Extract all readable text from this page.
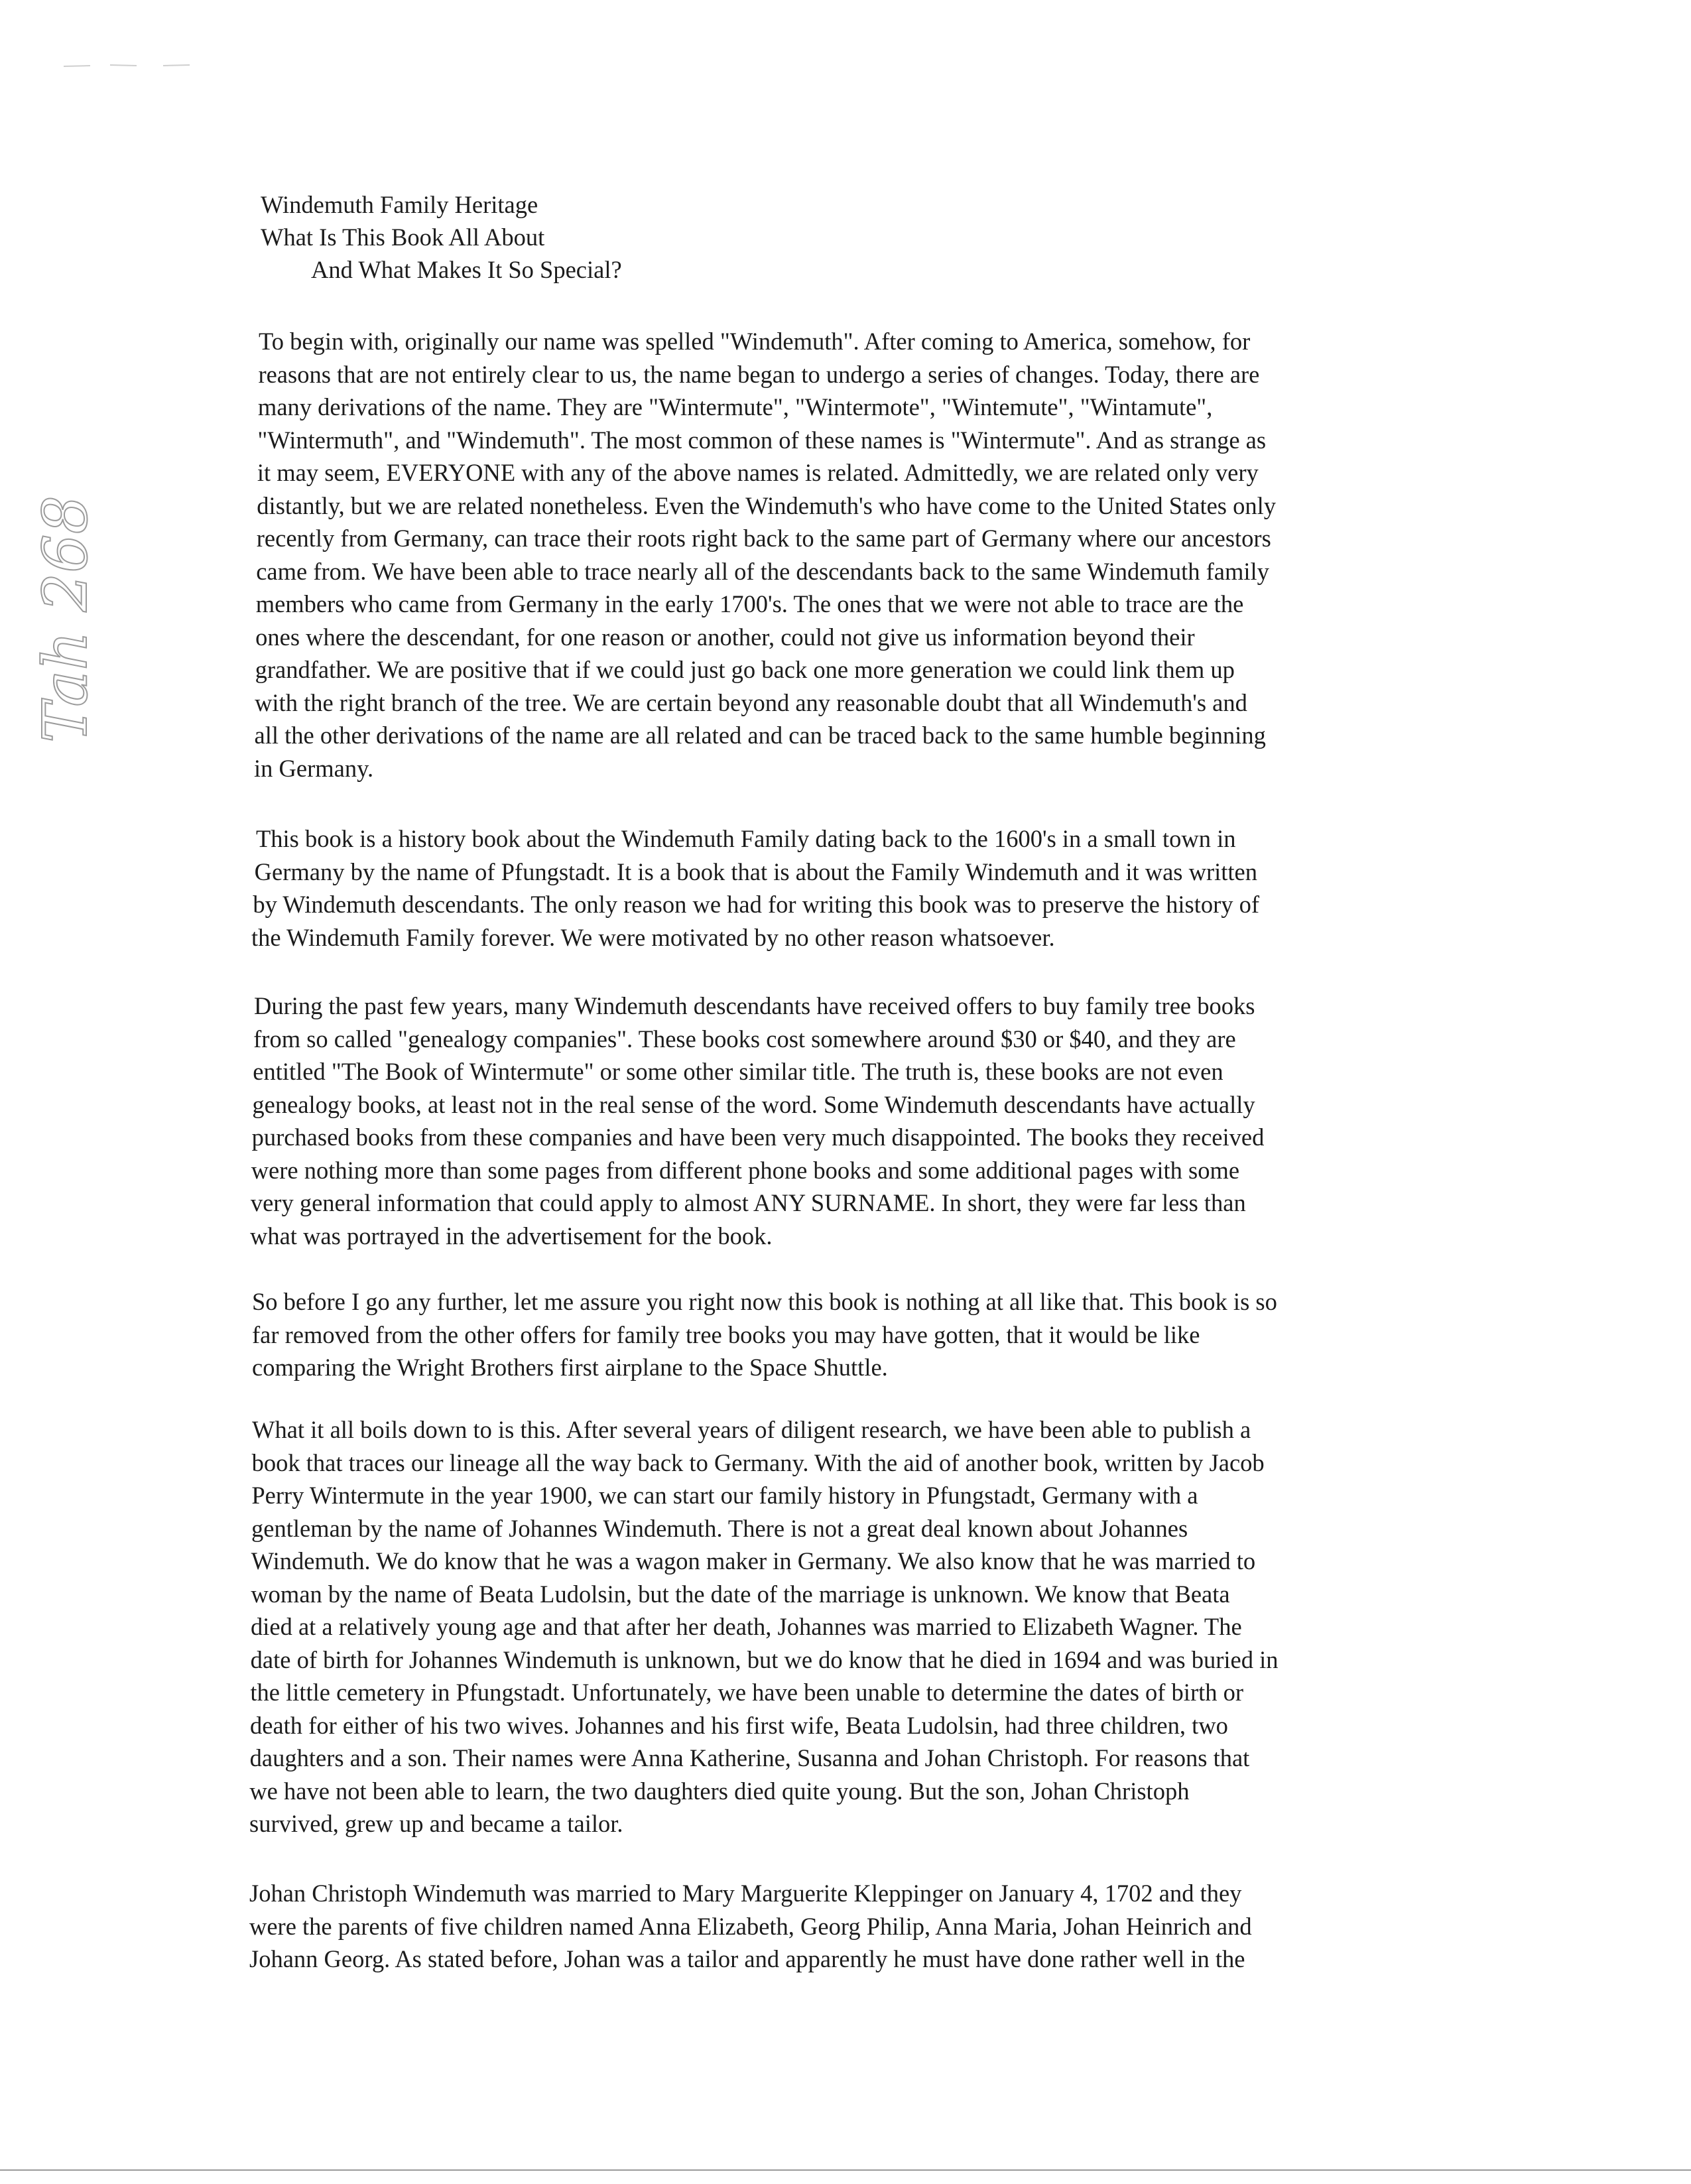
Windemuth Family Heritage
What Is This Book All About
And What Makes It So Special?
Tah 268
To begin with, originally our name was spelled "Windemuth". After coming to America, somehow, for
reasons that are not entirely clear to us, the name began to undergo a series of changes. Today, there are
many derivations of the name. They are "Wintermute", "Wintermote", "Wintemute", "Wintamute",
"Wintermuth", and "Windemuth". The most common of these names is "Wintermute". And as strange as
it may seem, EVERYONE with any of the above names is related. Admittedly, we are related only very
distantly, but we are related nonetheless. Even the Windemuth's who have come to the United States only
recently from Germany, can trace their roots right back to the same part of Germany where our ancestors
came from. We have been able to trace nearly all of the descendants back to the same Windemuth family
members who came from Germany in the early 1700's. The ones that we were not able to trace are the
ones where the descendant, for one reason or another, could not give us information beyond their
grandfather. We are positive that if we could just go back one more generation we could link them up
with the right branch of the tree. We are certain beyond any reasonable doubt that all Windemuth's and
all the other derivations of the name are all related and can be traced back to the same humble beginning
in Germany.
This book is a history book about the Windemuth Family dating back to the 1600's in a small town in
Germany by the name of Pfungstadt. It is a book that is about the Family Windemuth and it was written
by Windemuth descendants. The only reason we had for writing this book was to preserve the history of
the Windemuth Family forever. We were motivated by no other reason whatsoever.
During the past few years, many Windemuth descendants have received offers to buy family tree books
from so called "genealogy companies". These books cost somewhere around $30 or $40, and they are
entitled "The Book of Wintermute" or some other similar title. The truth is, these books are not even
genealogy books, at least not in the real sense of the word. Some Windemuth descendants have actually
purchased books from these companies and have been very much disappointed. The books they received
were nothing more than some pages from different phone books and some additional pages with some
very general information that could apply to almost ANY SURNAME. In short, they were far less than
what was portrayed in the advertisement for the book.
So before I go any further, let me assure you right now this book is nothing at all like that. This book is so
far removed from the other offers for family tree books you may have gotten, that it would be like
comparing the Wright Brothers first airplane to the Space Shuttle.
What it all boils down to is this. After several years of diligent research, we have been able to publish a
book that traces our lineage all the way back to Germany. With the aid of another book, written by Jacob
Perry Wintermute in the year 1900, we can start our family history in Pfungstadt, Germany with a
gentleman by the name of Johannes Windemuth. There is not a great deal known about Johannes
Windemuth. We do know that he was a wagon maker in Germany. We also know that he was married to
woman by the name of Beata Ludolsin, but the date of the marriage is unknown. We know that Beata
died at a relatively young age and that after her death, Johannes was married to Elizabeth Wagner. The
date of birth for Johannes Windemuth is unknown, but we do know that he died in 1694 and was buried in
the little cemetery in Pfungstadt. Unfortunately, we have been unable to determine the dates of birth or
death for either of his two wives. Johannes and his first wife, Beata Ludolsin, had three children, two
daughters and a son. Their names were Anna Katherine, Susanna and Johan Christoph. For reasons that
we have not been able to learn, the two daughters died quite young. But the son, Johan Christoph
survived, grew up and became a tailor.
Johan Christoph Windemuth was married to Mary Marguerite Kleppinger on January 4, 1702 and they
were the parents of five children named Anna Elizabeth, Georg Philip, Anna Maria, Johan Heinrich and
Johann Georg. As stated before, Johan was a tailor and apparently he must have done rather well in the
